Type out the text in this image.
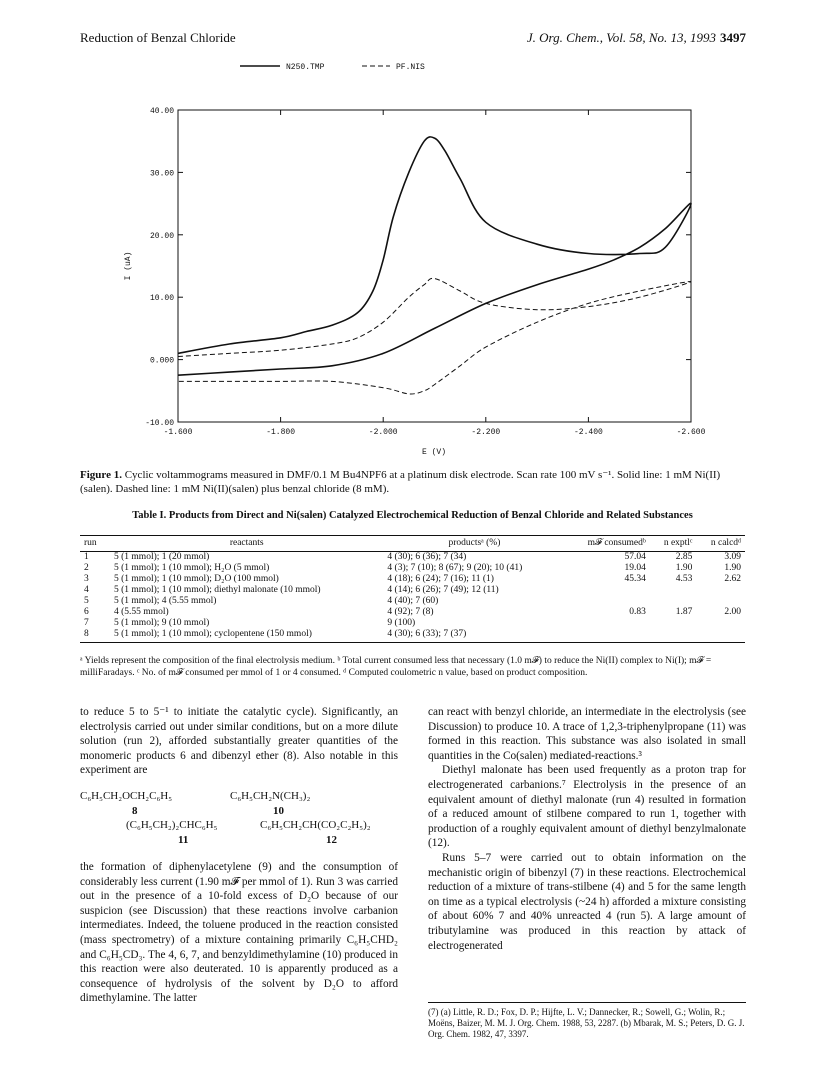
Reduction of Benzal Chloride	J. Org. Chem., Vol. 58, No. 13, 1993 3497
N250.TMP	PF.NIS
-1.600	-1.800	-2.000	-2.200	-2.400	-2.600
-10.00
0.000
10.00
20.00
30.00
40.00
E (V)
I (uA)
Figure 1. Cyclic voltammograms measured in DMF/0.1 M Bu4NPF6 at a platinum disk electrode. Scan rate 100 mV s⁻¹. Solid line: 1 mM Ni(II)(salen). Dashed line: 1 mM Ni(II)(salen) plus benzal chloride (8 mM).
Table I. Products from Direct and Ni(salen) Catalyzed Electrochemical Reduction of Benzal Chloride and Related Substances
run	reactants	productsᵃ (%)	m𝓕 consumedᵇ	n exptlᶜ	n calcdᵈ
1	5 (1 mmol); 1 (20 mmol)	4 (30); 6 (36); 7 (34)	57.04	2.85	3.09
2	5 (1 mmol); 1 (10 mmol); H₂O (5 mmol)	4 (3); 7 (10); 8 (67); 9 (20); 10 (41)	19.04	1.90	1.90
3	5 (1 mmol); 1 (10 mmol); D₂O (100 mmol)	4 (18); 6 (24); 7 (16); 11 (1)	45.34	4.53	2.62
4	5 (1 mmol); 1 (10 mmol); diethyl malonate (10 mmol)	4 (14); 6 (26); 7 (49); 12 (11)			
5	5 (1 mmol); 4 (5.55 mmol)	4 (40); 7 (60)			
6	4 (5.55 mmol)	4 (92); 7 (8)	0.83	1.87	2.00
7	5 (1 mmol); 9 (10 mmol)	9 (100)			
8	5 (1 mmol); 1 (10 mmol); cyclopentene (150 mmol)	4 (30); 6 (33); 7 (37)			
ᵃ Yields represent the composition of the final electrolysis medium. ᵇ Total current consumed less that necessary (1.0 m𝓕) to reduce the Ni(II) complex to Ni(I); m𝓕 = milliFaradays. ᶜ No. of m𝓕 consumed per mmol of 1 or 4 consumed. ᵈ Computed coulometric n value, based on product composition.

to reduce 5 to 5⁻¹ to initiate the catalytic cycle). Significantly, an electrolysis carried out under similar conditions, but on a more dilute solution (run 2), afforded substantially greater quantities of the monomeric products 6 and dibenzyl ether (8). Also notable in this experiment are

C₆H₅CH₂OCH₂C₆H₅	C₆H₅CH₂N(CH₃)₂
8	10
(C₆H₅CH₂)₂CHC₆H₅	C₆H₅CH₂CH(CO₂C₂H₅)₂
11	12

the formation of diphenylacetylene (9) and the consumption of considerably less current (1.90 m𝓕 per mmol of 1). Run 3 was carried out in the presence of a 10-fold excess of D₂O because of our suspicion (see Discussion) that these reactions involve carbanion intermediates. Indeed, the toluene produced in the reaction consisted (mass spectrometry) of a mixture containing primarily C₆H₅CHD₂ and C₆H₅CD₃. The 4, 6, 7, and benzyldimethylamine (10) produced in this reaction were also deuterated. 10 is apparently produced as a consequence of hydrolysis of the solvent by D₂O to afford dimethylamine. The latter

can react with benzyl chloride, an intermediate in the electrolysis (see Discussion) to produce 10. A trace of 1,2,3-triphenylpropane (11) was formed in this reaction. This substance was also isolated in small quantities in the Co(salen) mediated-reactions.³

Diethyl malonate has been used frequently as a proton trap for electrogenerated carbanions.⁷ Electrolysis in the presence of an equivalent amount of diethyl malonate (run 4) resulted in formation of a reduced amount of stilbene compared to run 1, together with production of a roughly equivalent amount of diethyl benzylmalonate (12).

Runs 5–7 were carried out to obtain information on the mechanistic origin of bibenzyl (7) in these reactions. Electrochemical reduction of a mixture of trans-stilbene (4) and 5 for the same length on time as a typical electrolysis (~24 h) afforded a mixture consisting of about 60% 7 and 40% unreacted 4 (run 5). A large amount of tributylamine was produced in this reaction by attack of electrogenerated

(7) (a) Little, R. D.; Fox, D. P.; Hijfte, L. V.; Dannecker, R.; Sowell, G.; Wolin, R.; Moëns, Baizer, M. M. J. Org. Chem. 1988, 53, 2287. (b) Mbarak, M. S.; Peters, D. G. J. Org. Chem. 1982, 47, 3397.
